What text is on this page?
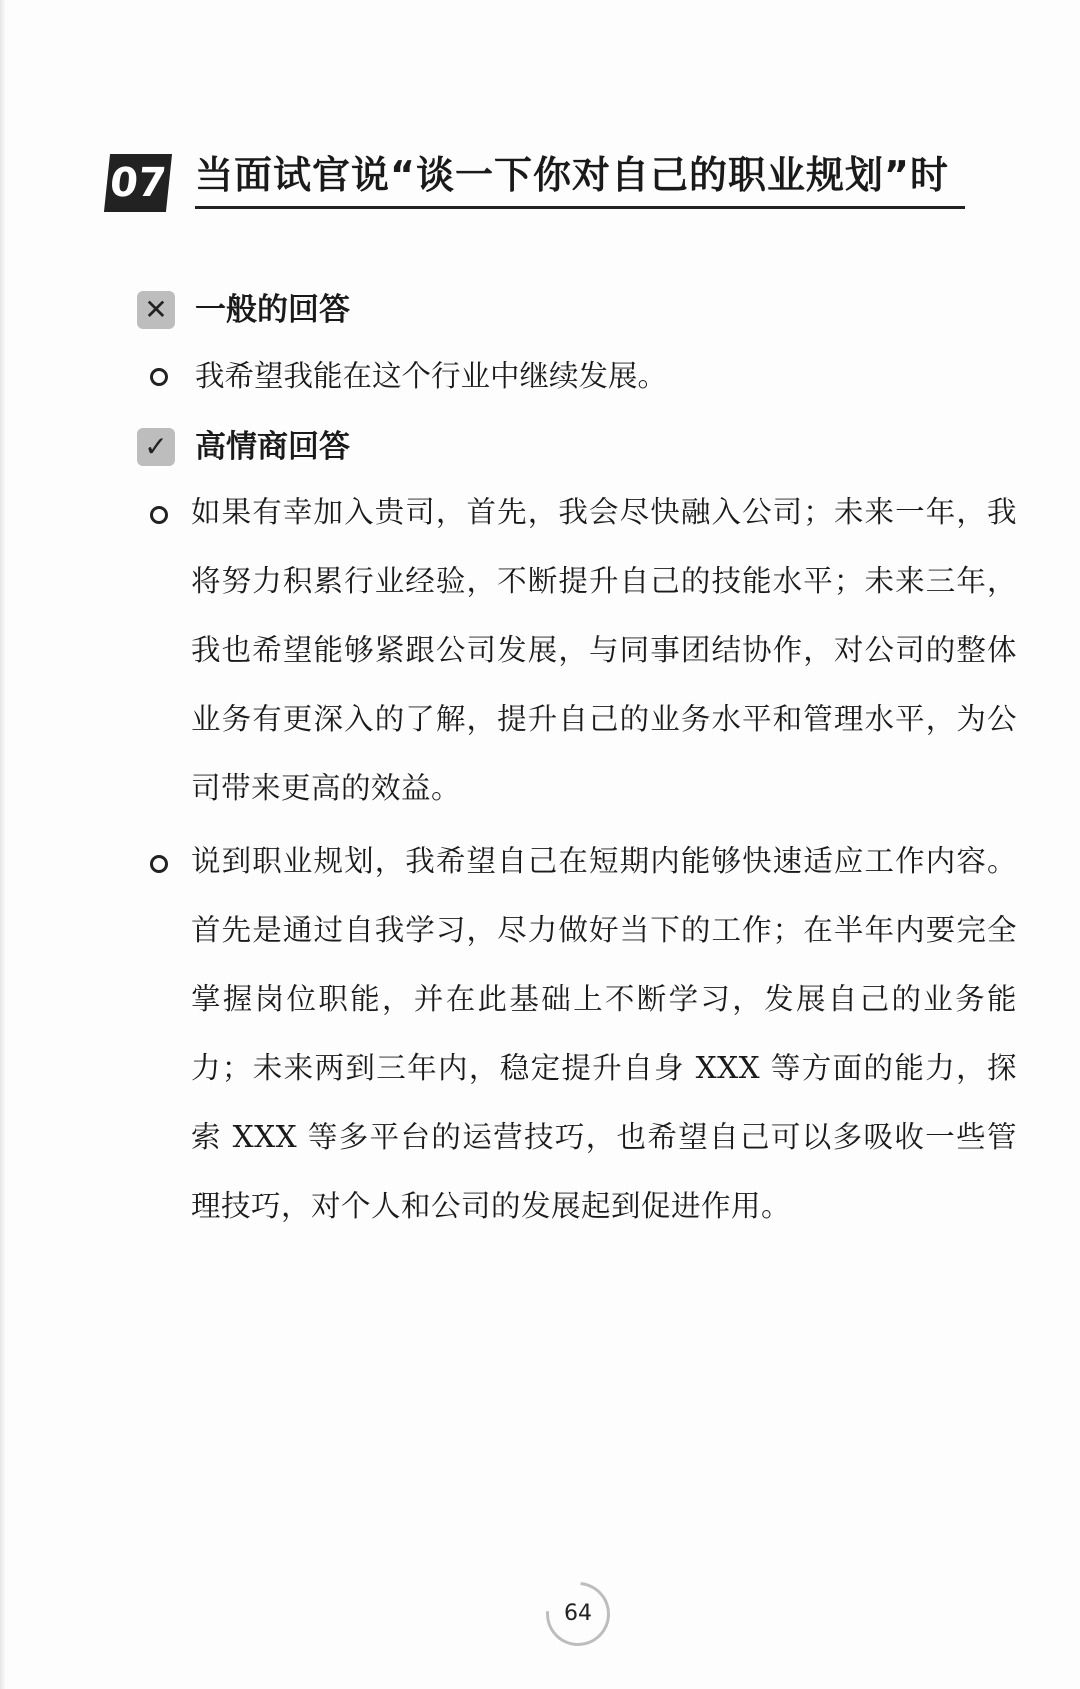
07 当面试官说“谈一下你对自己的职业规划”时
✕ 一般的回答
我希望我能在这个行业中继续发展。
✓ 高情商回答
如果有幸加入贵司，首先，我会尽快融入公司；未来一年，我将努力积累行业经验，不断提升自己的技能水平；未来三年，我也希望能够紧跟公司发展，与同事团结协作，对公司的整体业务有更深入的了解，提升自己的业务水平和管理水平，为公司带来更高的效益。
说到职业规划，我希望自己在短期内能够快速适应工作内容。首先是通过自我学习，尽力做好当下的工作；在半年内要完全掌握岗位职能，并在此基础上不断学习，发展自己的业务能力；未来两到三年内，稳定提升自身 XXX 等方面的能力，探索 XXX 等多平台的运营技巧，也希望自己可以多吸收一些管理技巧，对个人和公司的发展起到促进作用。
64
